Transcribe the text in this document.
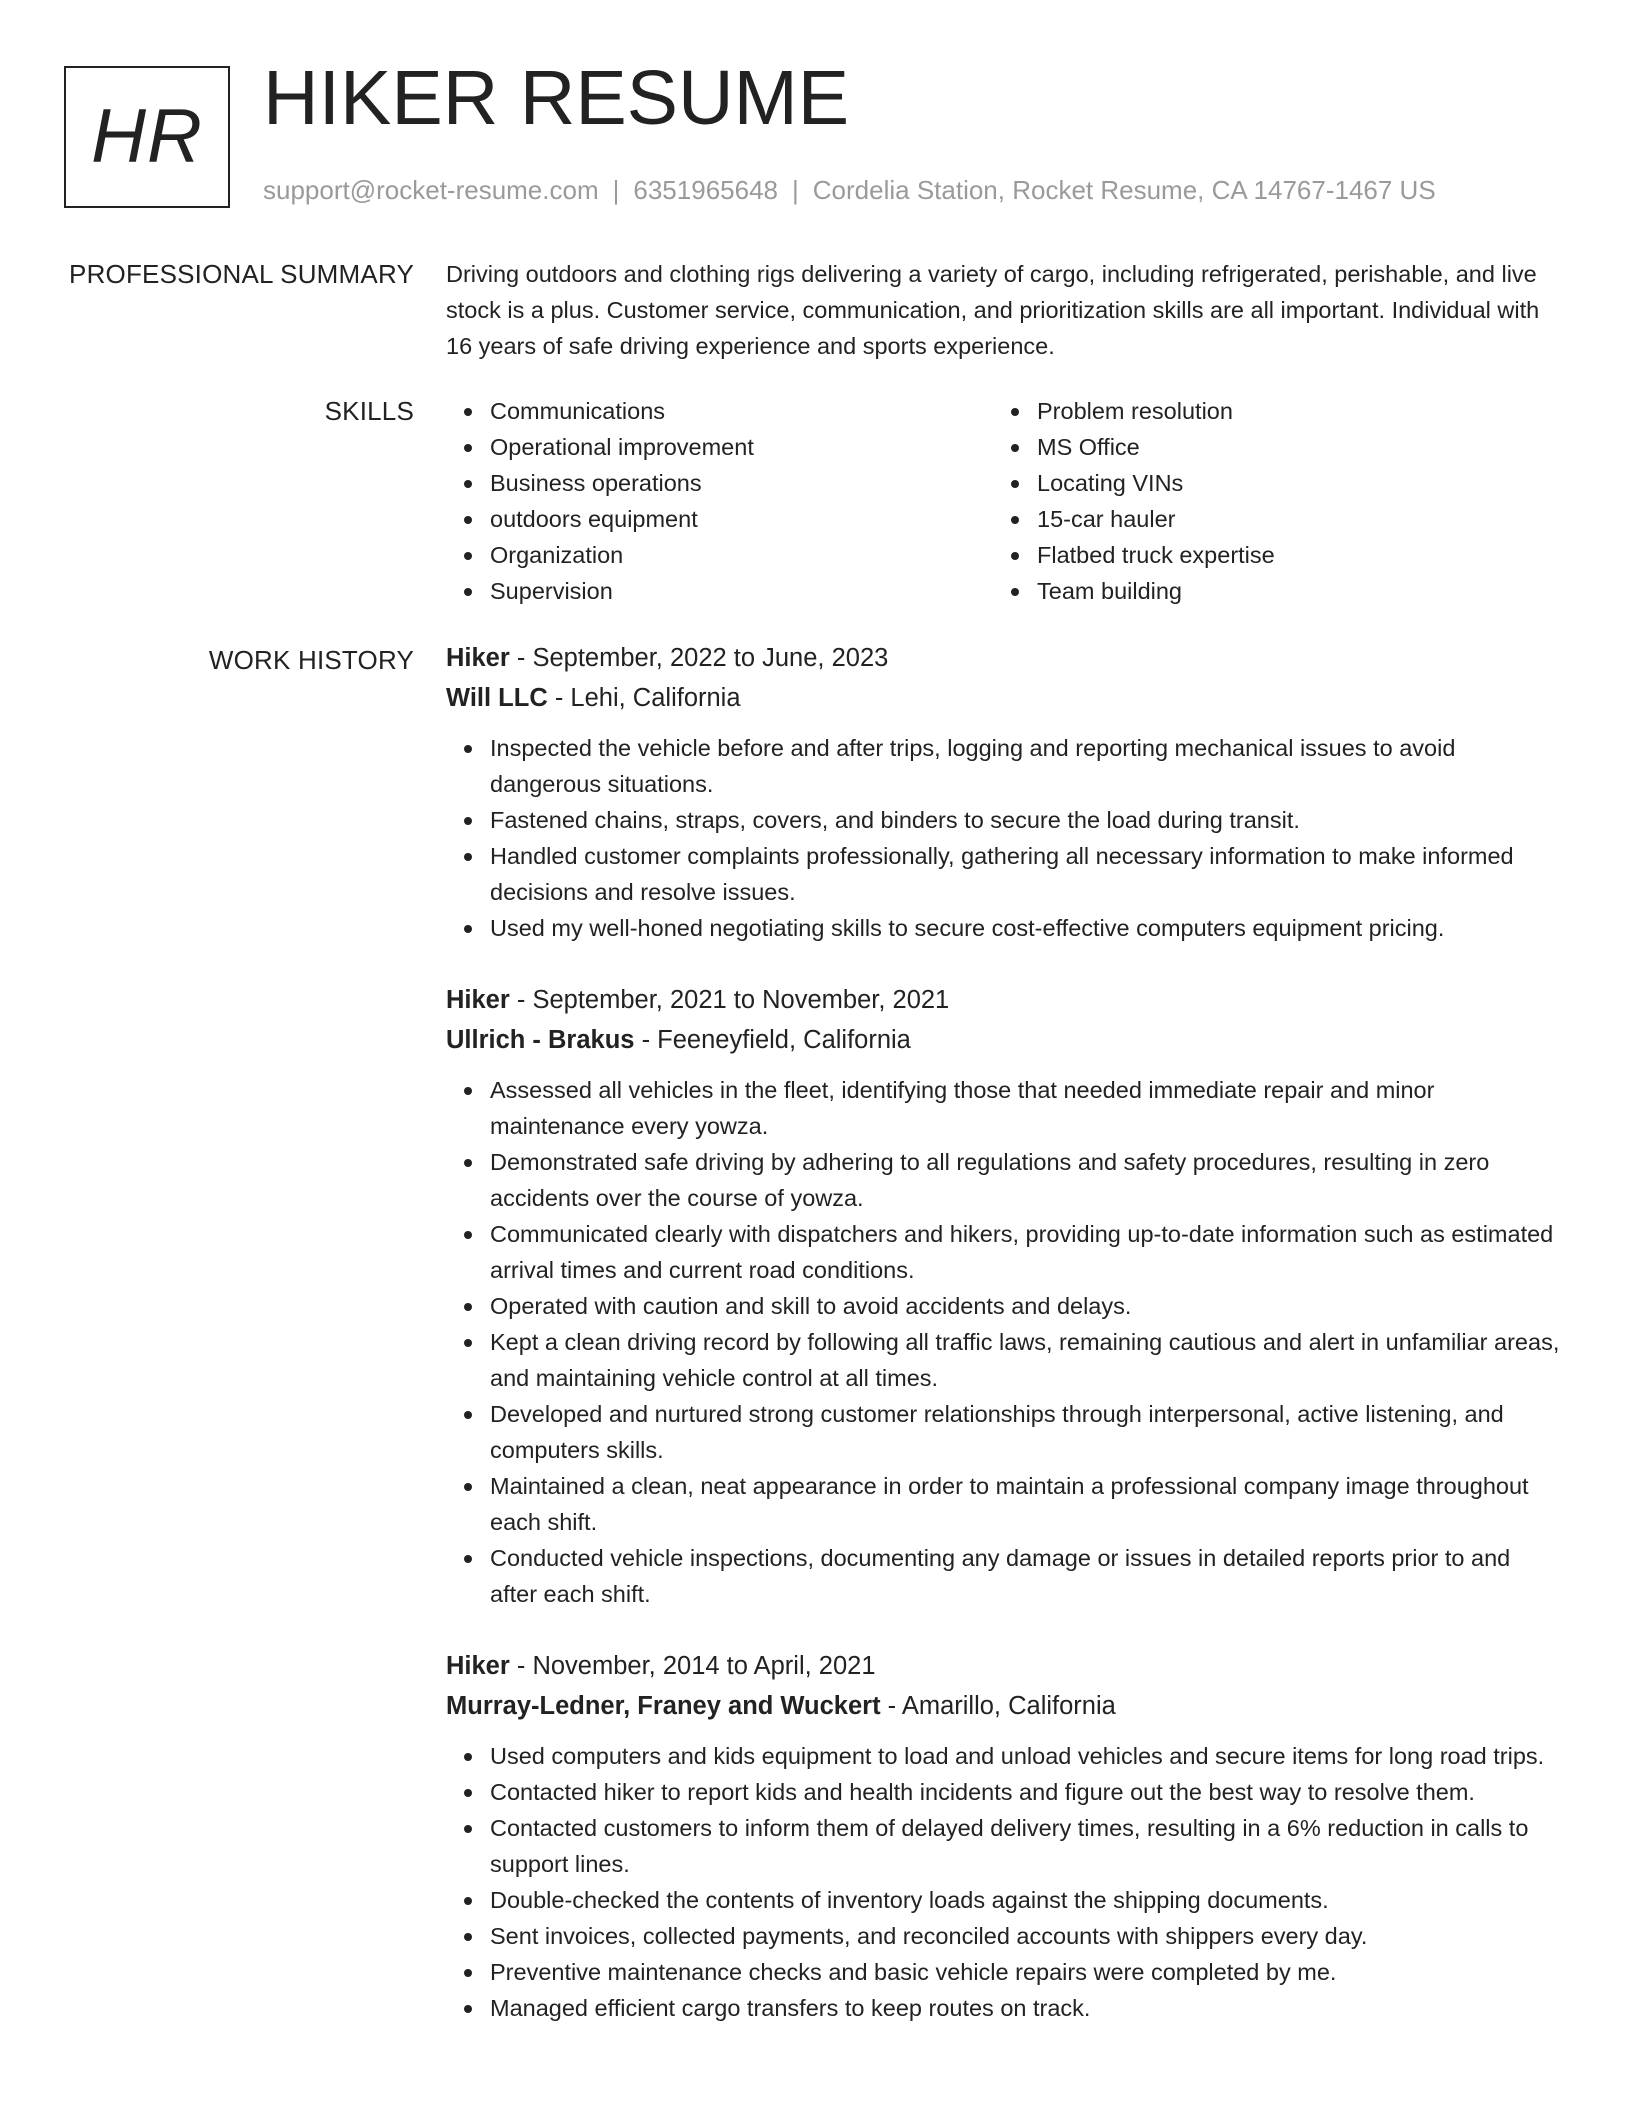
HR HIKER RESUME
support@rocket-resume.com | 6351965648 | Cordelia Station, Rocket Resume, CA 14767-1467 US
PROFESSIONAL SUMMARY Driving outdoors and clothing rigs delivering a variety of cargo, including refrigerated, perishable, and live stock is a plus. Customer service, communication, and prioritization skills are all important. Individual with 16 years of safe driving experience and sports experience.

SKILLS	Communications
Operational improvement
Business operations
outdoors equipment
Organization
Supervision
Problem resolution
MS Office
Locating VINs
15-car hauler
Flatbed truck expertise
Team building
WORK HISTORY Hiker - September, 2022 to June, 2023
Will LLC - Lehi, California
Inspected the vehicle before and after trips, logging and reporting mechanical issues to avoid dangerous situations.
Fastened chains, straps, covers, and binders to secure the load during transit.
Handled customer complaints professionally, gathering all necessary information to make informed decisions and resolve issues.
Used my well-honed negotiating skills to secure cost-effective computers equipment pricing.
Hiker - September, 2021 to November, 2021
Ullrich - Brakus - Feeneyfield, California
Assessed all vehicles in the fleet, identifying those that needed immediate repair and minor maintenance every yowza.
Demonstrated safe driving by adhering to all regulations and safety procedures, resulting in zero accidents over the course of yowza.
Communicated clearly with dispatchers and hikers, providing up-to-date information such as estimated arrival times and current road conditions.
Operated with caution and skill to avoid accidents and delays.
Kept a clean driving record by following all traffic laws, remaining cautious and alert in unfamiliar areas, and maintaining vehicle control at all times.
Developed and nurtured strong customer relationships through interpersonal, active listening, and computers skills.
Maintained a clean, neat appearance in order to maintain a professional company image throughout each shift.
Conducted vehicle inspections, documenting any damage or issues in detailed reports prior to and after each shift.
Hiker - November, 2014 to April, 2021
Murray-Ledner, Franey and Wuckert - Amarillo, California
Used computers and kids equipment to load and unload vehicles and secure items for long road trips.
Contacted hiker to report kids and health incidents and figure out the best way to resolve them.
Contacted customers to inform them of delayed delivery times, resulting in a 6% reduction in calls to support lines.
Double-checked the contents of inventory loads against the shipping documents.
Sent invoices, collected payments, and reconciled accounts with shippers every day.
Preventive maintenance checks and basic vehicle repairs were completed by me.
Managed efficient cargo transfers to keep routes on track.
